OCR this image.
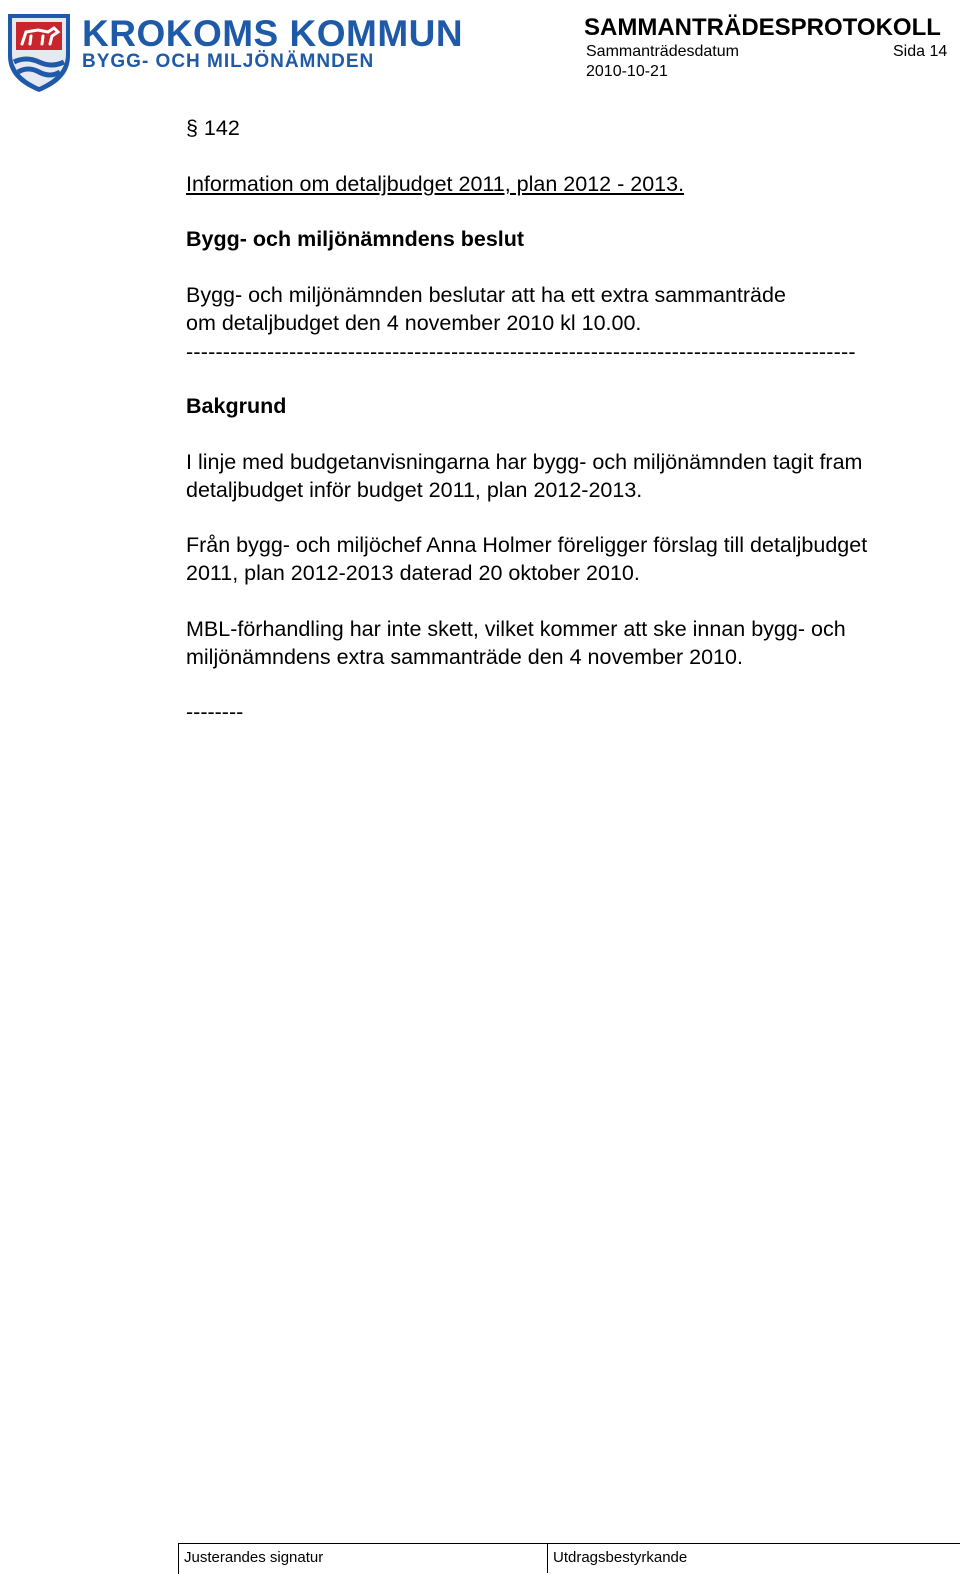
KROKOMS KOMMUN
BYGG- OCH MILJÖNÄMNDEN
SAMMANTRÄDESPROTOKOLL
Sammanträdesdatum	Sida 14
2010-10-21
§ 142
Information om detaljbudget 2011, plan 2012 - 2013.
Bygg- och miljönämndens beslut
Bygg- och miljönämnden beslutar att ha ett extra sammanträde
om detaljbudget den 4 november 2010 kl 10.00.
-------------------------------------------------------------------------------------------
Bakgrund
I linje med budgetanvisningarna har bygg- och miljönämnden tagit fram
detaljbudget inför budget 2011, plan 2012-2013.
Från bygg- och miljöchef Anna Holmer föreligger förslag till detaljbudget
2011, plan 2012-2013 daterad 20 oktober 2010.
MBL-förhandling har inte skett, vilket kommer att ske innan bygg- och
miljönämndens extra sammanträde den 4 november 2010.
--------
Justerandes signatur	Utdragsbestyrkande
